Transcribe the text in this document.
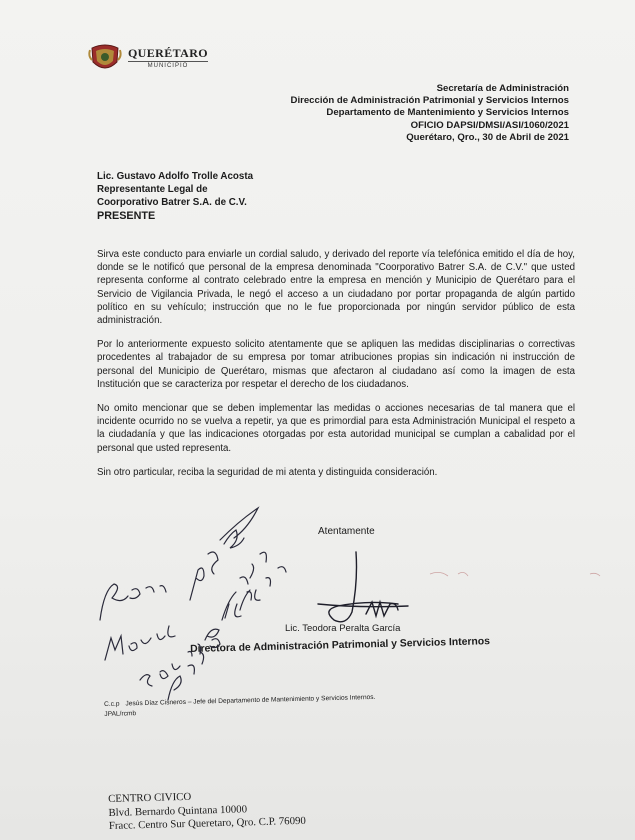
QUERÉTARO
MUNICIPIO
Secretaría de Administración
Dirección de Administración Patrimonial y Servicios Internos
Departamento de Mantenimiento y Servicios Internos
OFICIO DAPSI/DMSI/ASI/1060/2021
Querétaro, Qro., 30 de Abril de 2021
Lic. Gustavo Adolfo Trolle Acosta
Representante Legal de
Coorporativo Batrer S.A. de C.V.
PRESENTE

Sirva este conducto para enviarle un cordial saludo, y derivado del reporte vía telefónica emitido el día de hoy, donde se le notificó que personal de la empresa denominada "Coorporativo Batrer S.A. de C.V." que usted representa conforme al contrato celebrado entre la empresa en mención y Municipio de Querétaro para el Servicio de Vigilancia Privada, le negó el acceso a un ciudadano por portar propaganda de algún partido político en su vehículo; instrucción que no le fue proporcionada por ningún servidor público de esta administración.

Por lo anteriormente expuesto solicito atentamente que se apliquen las medidas disciplinarias o correctivas procedentes al trabajador de su empresa por tomar atribuciones propias sin indicación ni instrucción de personal del Municipio de Querétaro, mismas que afectaron al ciudadano así como la imagen de esta Institución que se caracteriza por respetar el derecho de los ciudadanos.

No omito mencionar que se deben implementar las medidas o acciones necesarias de tal manera que el incidente ocurrido no se vuelva a repetir, ya que es primordial para esta Administración Municipal el respeto a la ciudadanía y que las indicaciones otorgadas por esta autoridad municipal se cumplan a cabalidad por el personal que usted representa.

Sin otro particular, reciba la seguridad de mi atenta y distinguida consideración.

Atentamente
Lic. Teodora Peralta García
Directora de Administración Patrimonial y Servicios Internos
C.c.p Jesús Díaz Cisneros – Jefe del Departamento de Mantenimiento y Servicios Internos.
JPAL/rcmb
CENTRO CIVICO
Blvd. Bernardo Quintana 10000
Fracc. Centro Sur Queretaro, Qro. C.P. 76090
